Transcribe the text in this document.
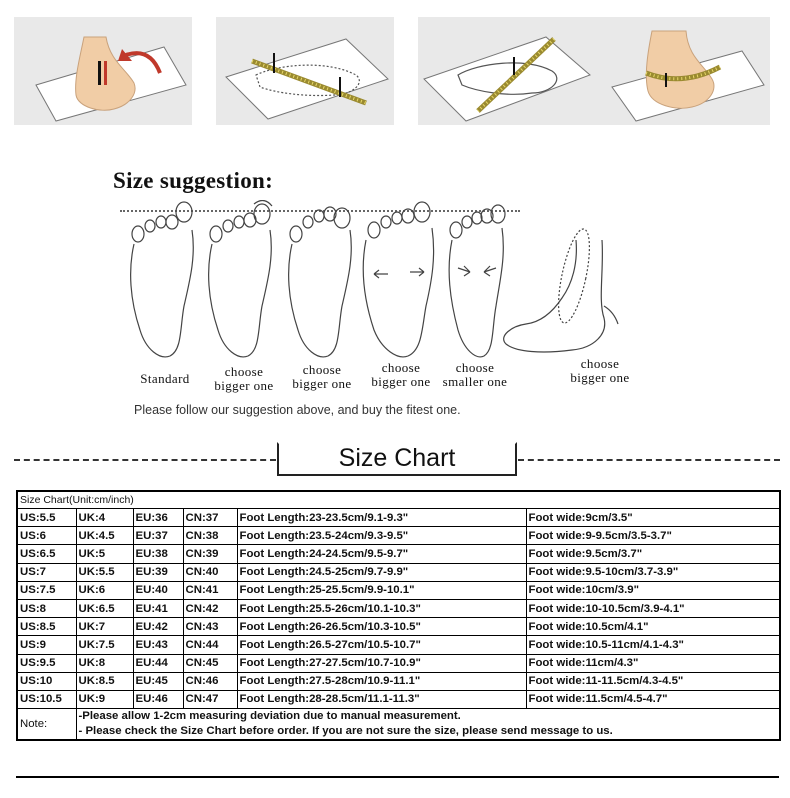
Size suggestion:
Standard	choose
bigger one
choose
bigger one
choose
bigger one
choose
smaller one
choose
bigger one
Please follow our suggestion above, and buy the fitest one.
Size Chart
Size Chart(Unit:cm/inch)					
US:5.5	UK:4	EU:36	CN:37	Foot Length:23-23.5cm/9.1-9.3"	Foot wide:9cm/3.5"
US:6	UK:4.5	EU:37	CN:38	Foot Length:23.5-24cm/9.3-9.5"	Foot wide:9-9.5cm/3.5-3.7"
US:6.5	UK:5	EU:38	CN:39	Foot Length:24-24.5cm/9.5-9.7"	Foot wide:9.5cm/3.7"
US:7	UK:5.5	EU:39	CN:40	Foot Length:24.5-25cm/9.7-9.9"	Foot wide:9.5-10cm/3.7-3.9"
US:7.5	UK:6	EU:40	CN:41	Foot Length:25-25.5cm/9.9-10.1"	Foot wide:10cm/3.9"
US:8	UK:6.5	EU:41	CN:42	Foot Length:25.5-26cm/10.1-10.3"	Foot wide:10-10.5cm/3.9-4.1"
US:8.5	UK:7	EU:42	CN:43	Foot Length:26-26.5cm/10.3-10.5"	Foot wide:10.5cm/4.1"
US:9	UK:7.5	EU:43	CN:44	Foot Length:26.5-27cm/10.5-10.7"	Foot wide:10.5-11cm/4.1-4.3"
US:9.5	UK:8	EU:44	CN:45	Foot Length:27-27.5cm/10.7-10.9"	Foot wide:11cm/4.3"
US:10	UK:8.5	EU:45	CN:46	Foot Length:27.5-28cm/10.9-11.1"	Foot wide:11-11.5cm/4.3-4.5"
US:10.5	UK:9	EU:46	CN:47	Foot Length:28-28.5cm/11.1-11.3"	Foot wide:11.5cm/4.5-4.7"
Note:	-Please allow 1-2cm measuring deviation due to manual measurement.
- Please check the Size Chart before order. If you are not sure the size, please send message to us.				
